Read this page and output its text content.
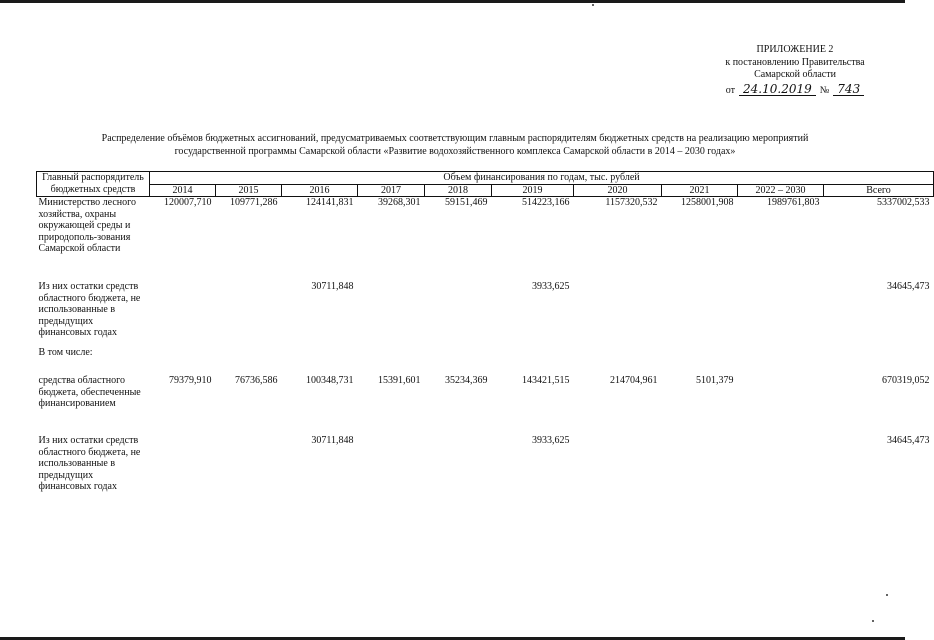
ПРИЛОЖЕНИЕ 2
к постановлению Правительства
Самарской области
от 24.10.2019 № 743
Распределение объёмов бюджетных ассигнований, предусматриваемых соответствующим главным распорядителям бюджетных средств на реализацию мероприятий
государственной программы Самарской области «Развитие водохозяйственного комплекса Самарской области в 2014 – 2030 годах»
Главный распорядитель бюджетных средств	Объем финансирования по годам, тыс. рублей									
	2014	2015	2016	2017	2018	2019	2020	2021	2022 – 2030	Всего
Министерство лесного хозяйства, охраны окружающей среды и природополь-зования Самарской области	120007,710	109771,286	124141,831	39268,301	59151,469	514223,166	1157320,532	1258001,908	1989761,803	5337002,533
Из них остатки средств областного бюджета, не использованные в предыдущих финансовых годах			30711,848			3933,625				34645,473
В том числе:										
средства областного бюджета, обеспеченные финансированием	79379,910	76736,586	100348,731	15391,601	35234,369	143421,515	214704,961	5101,379		670319,052
Из них остатки средств областного бюджета, не использованные в предыдущих финансовых годах			30711,848			3933,625				34645,473
